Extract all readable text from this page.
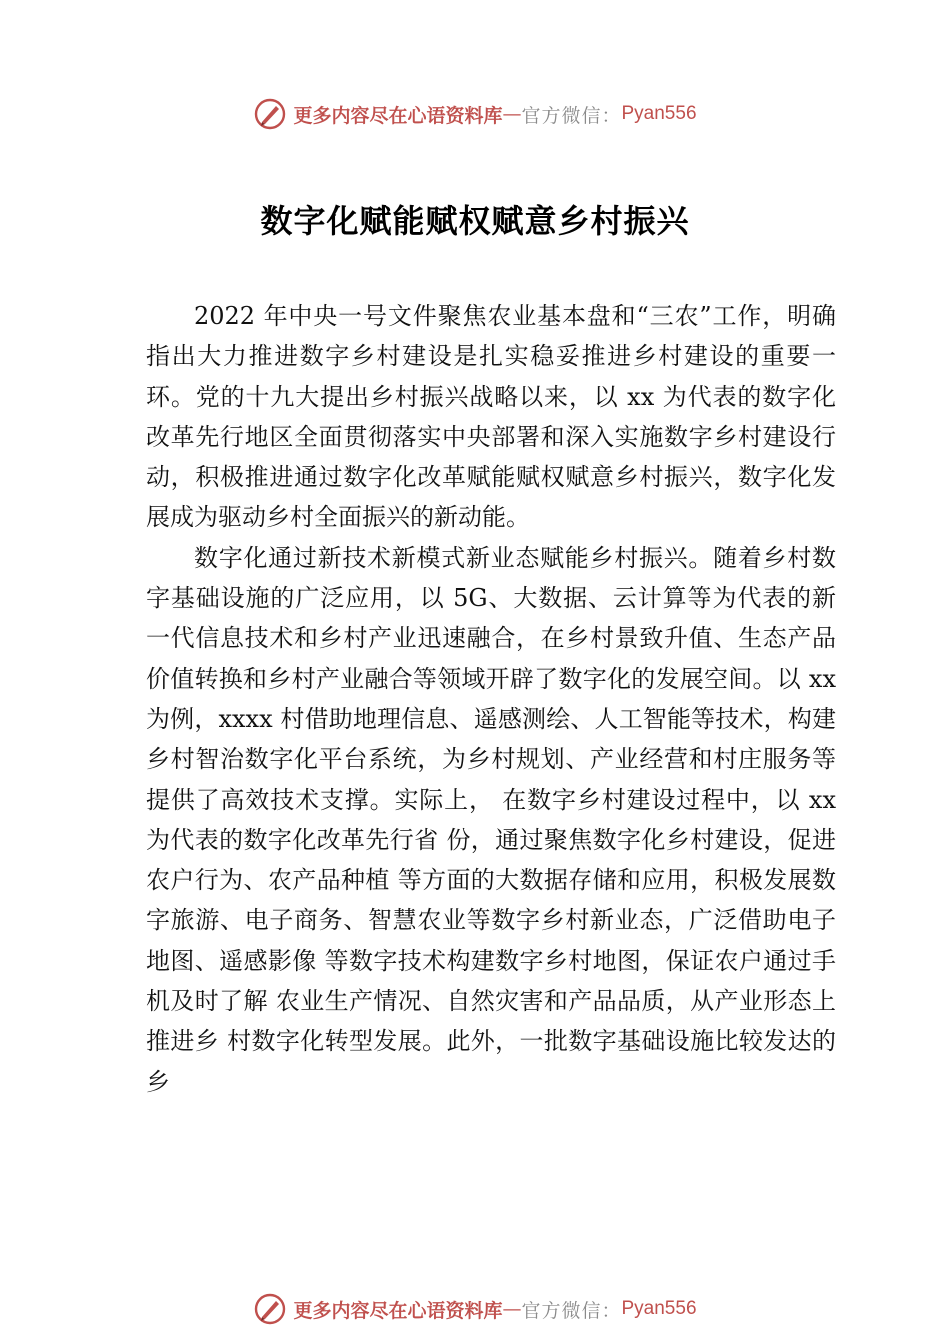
更多内容尽在心语资料库 — 官方微信： Pyan556
数字化赋能赋权赋意乡村振兴

2022 年中央一号文件聚焦农业基本盘和“三农”工作，明确指出大力推进数字乡村建设是扎实稳妥推进乡村建设的重要一环。党的十九大提出乡村振兴战略以来，以 xx 为代表的数字化改革先行地区全面贯彻落实中央部署和深入实施数字乡村建设行动，积极推进通过数字化改革赋能赋权赋意乡村振兴，数字化发展成为驱动乡村全面振兴的新动能。

数字化通过新技术新模式新业态赋能乡村振兴。随着乡村数字基础设施的广泛应用，以 5G、大数据、云计算等为代表的新一代信息技术和乡村产业迅速融合，在乡村景致升值、生态产品价值转换和乡村产业融合等领域开辟了数字化的发展空间。以 xx 为例，xxxx 村借助地理信息、遥感测绘、人工智能等技术，构建乡村智治数字化平台系统，为乡村规划、产业经营和村庄服务等提供了高效技术支撑。实际上， 在数字乡村建设过程中，以 xx 为代表的数字化改革先行省 份，通过聚焦数字化乡村建设，促进农户行为、农产品种植 等方面的大数据存储和应用，积极发展数字旅游、电子商务、智慧农业等数字乡村新业态，广泛借助电子地图、遥感影像 等数字技术构建数字乡村地图，保证农户通过手机及时了解 农业生产情况、自然灾害和产品品质，从产业形态上推进乡 村数字化转型发展。此外，一批数字基础设施比较发达的乡

更多内容尽在心语资料库 — 官方微信： Pyan556
